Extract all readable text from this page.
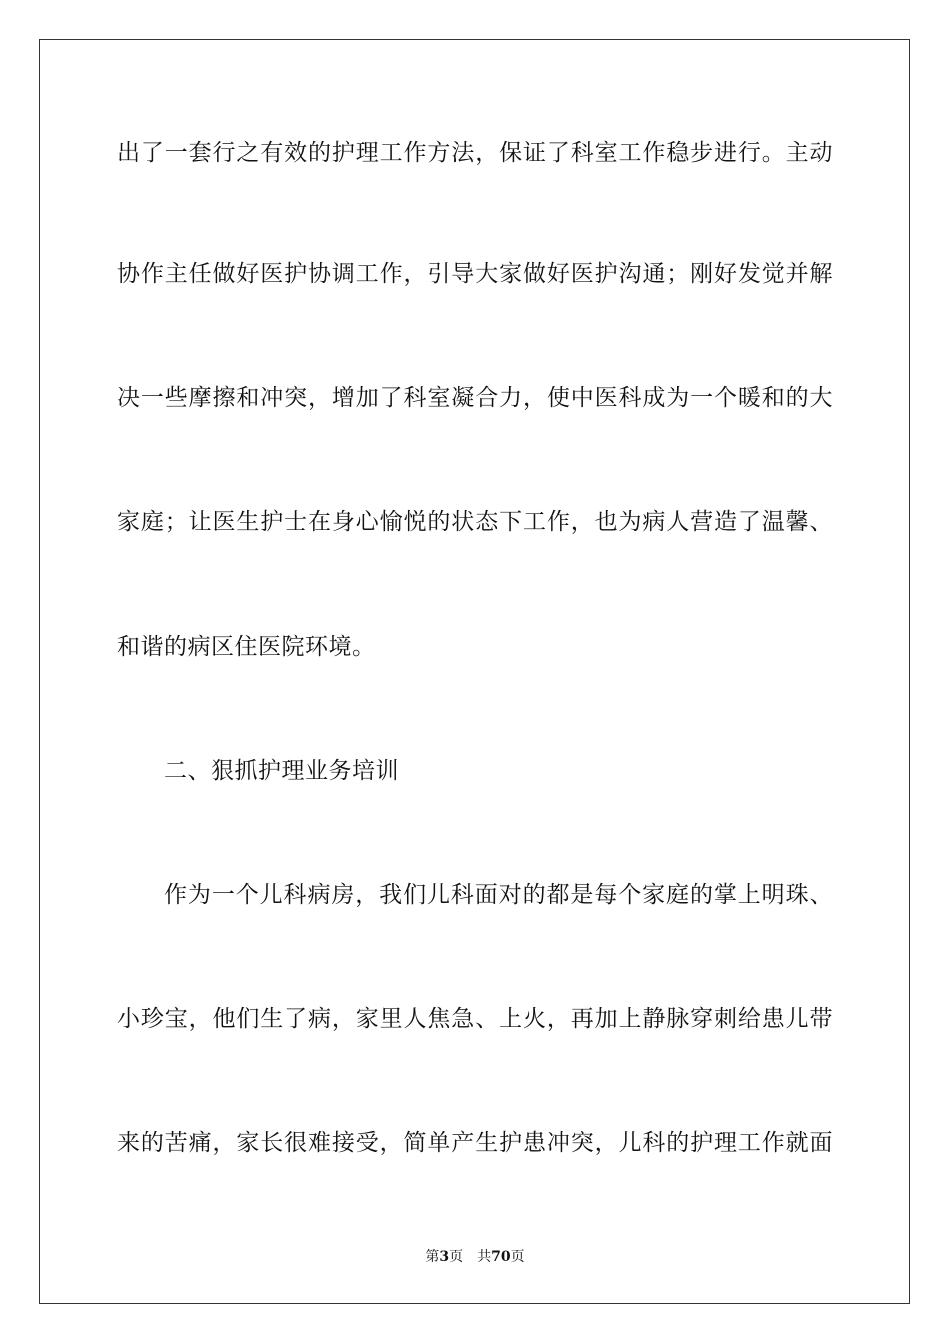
出了一套行之有效的护理工作方法，保证了科室工作稳步进行。主动
协作主任做好医护协调工作，引导大家做好医护沟通；刚好发觉并解
决一些摩擦和冲突，增加了科室凝合力，使中医科成为一个暖和的大
家庭；让医生护士在身心愉悦的状态下工作，也为病人营造了温馨、
和谐的病区住医院环境。
二、狠抓护理业务培训
作为一个儿科病房，我们儿科面对的都是每个家庭的掌上明珠、
小珍宝，他们生了病，家里人焦急、上火，再加上静脉穿刺给患儿带
来的苦痛，家长很难接受，简单产生护患冲突，儿科的护理工作就面
第3页 共70页
